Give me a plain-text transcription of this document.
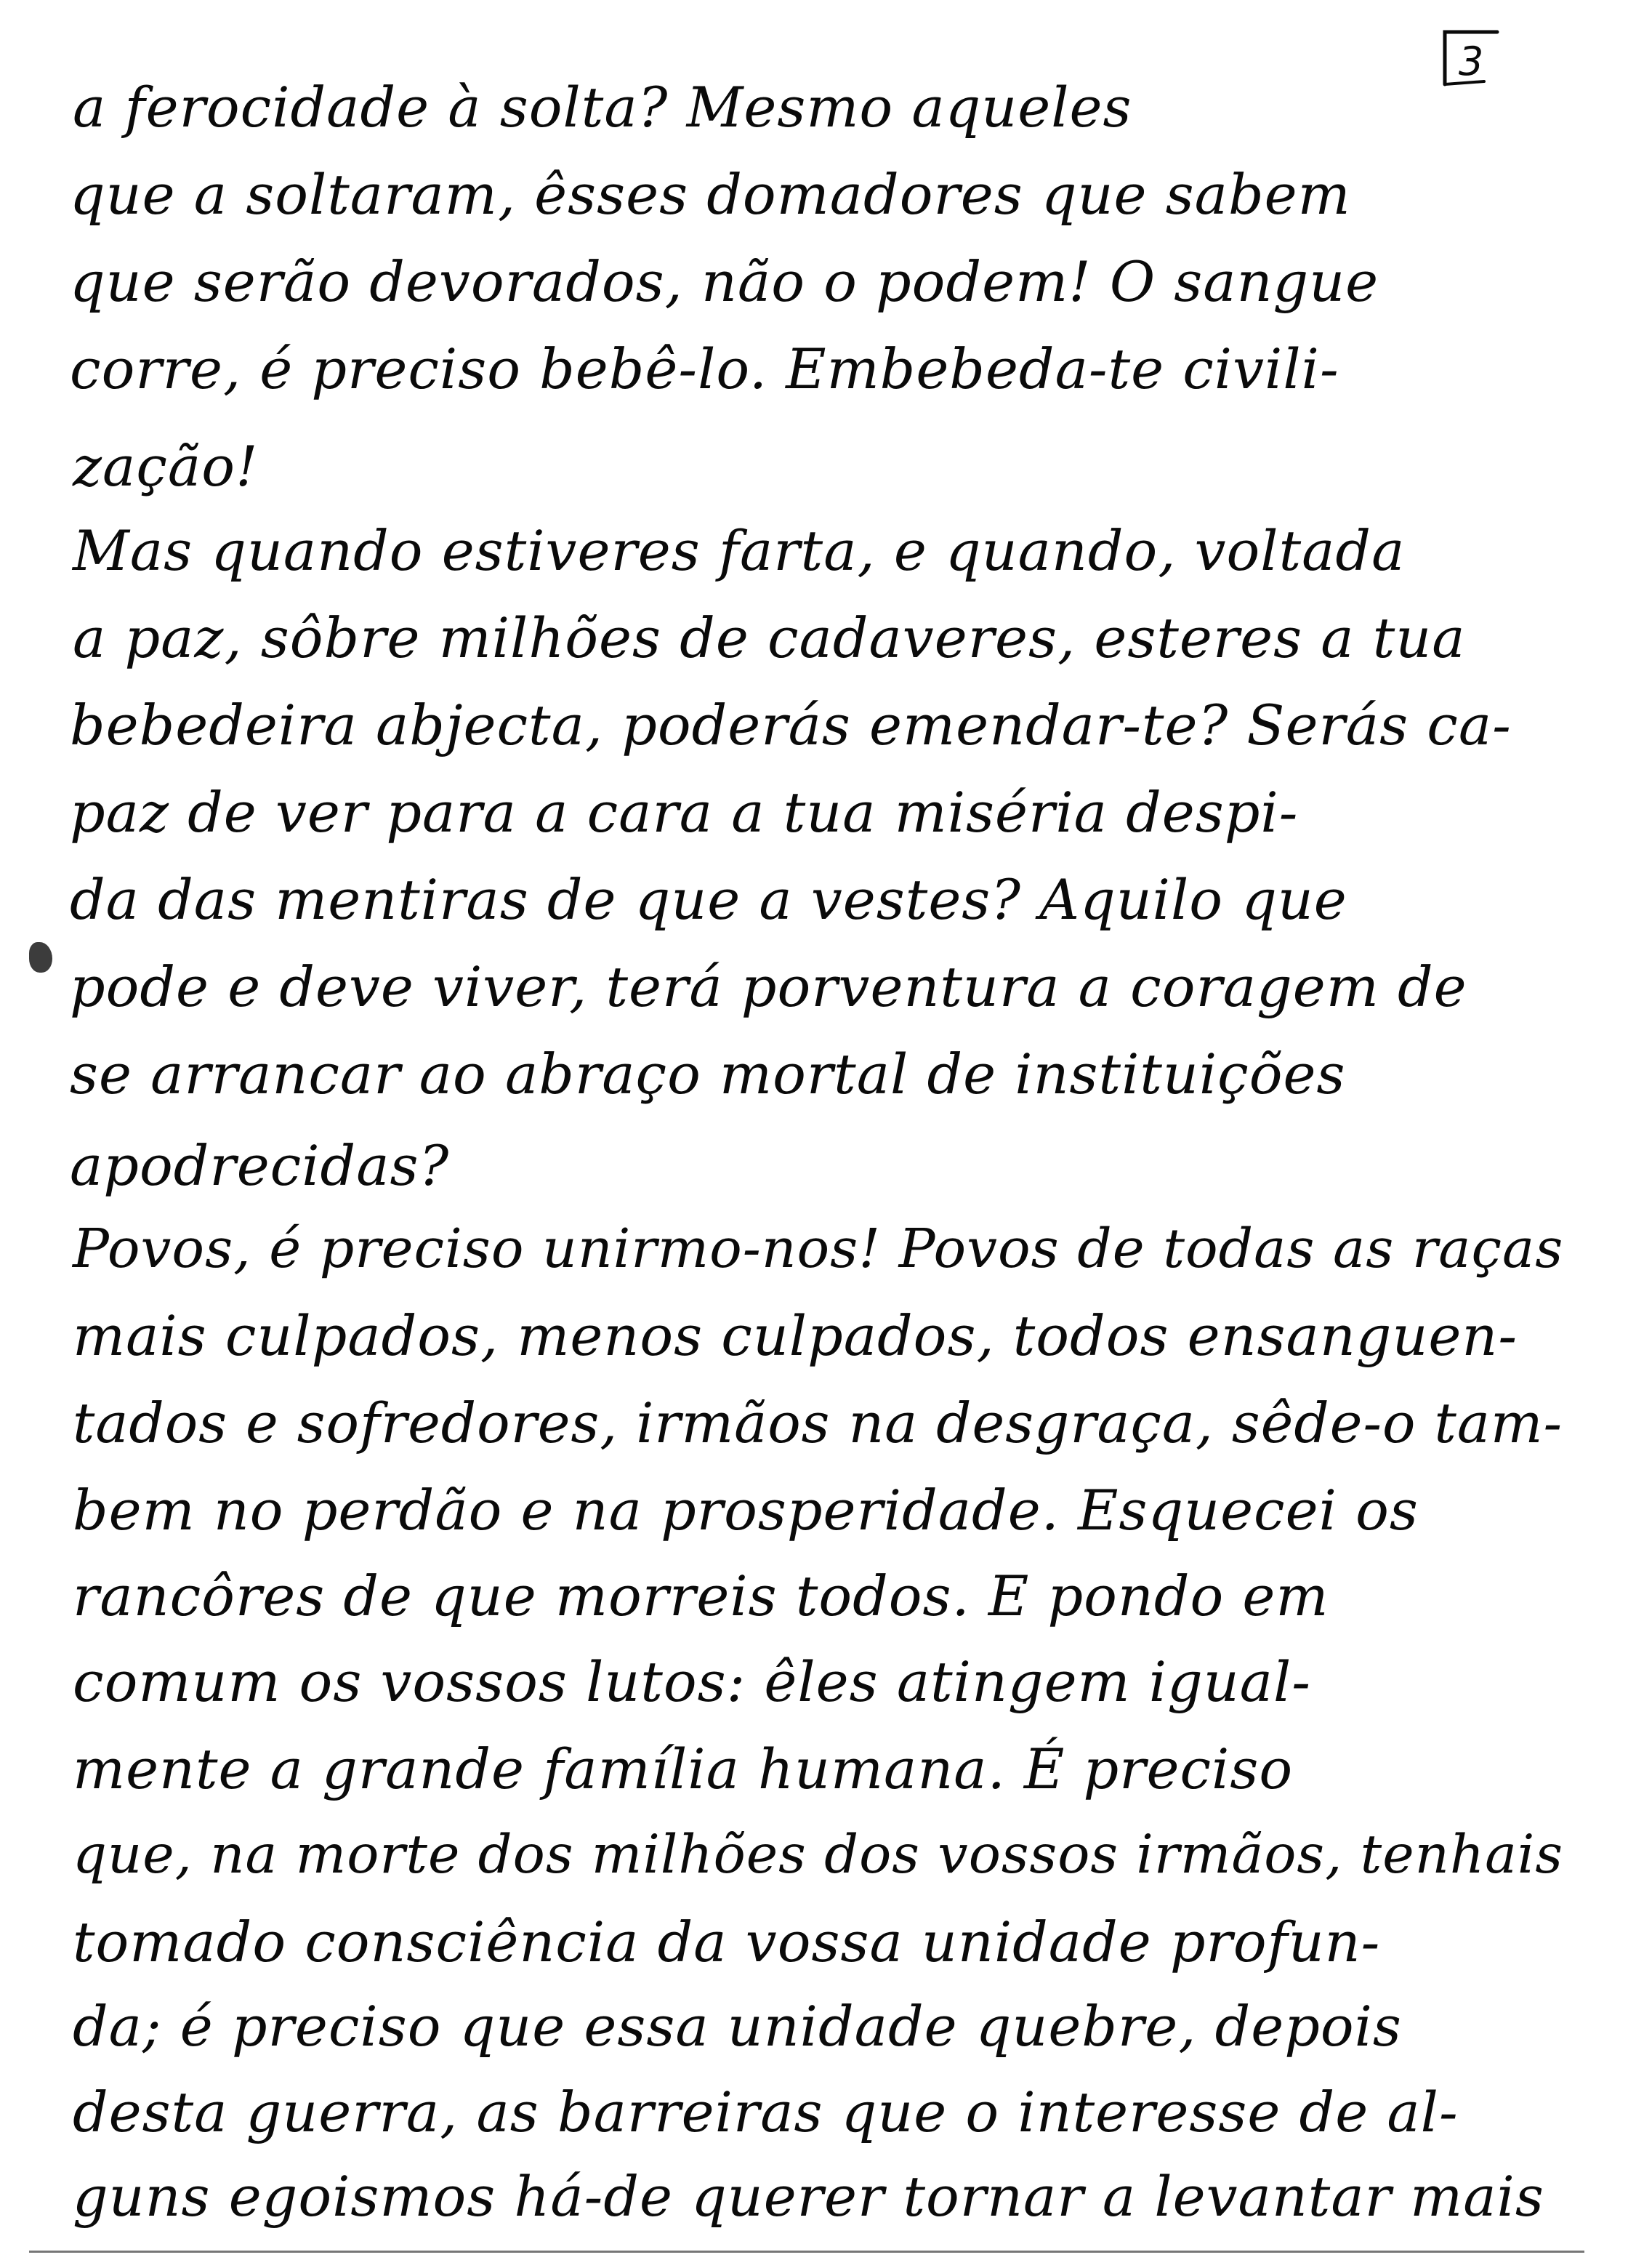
3
a ferocidade à solta? Mesmo aqueles
que a soltaram, êsses domadores que sabem
que serão devorados, não o podem! O sangue
corre, é preciso bebê-lo. Embebeda-te civili-
zação!
Mas quando estiveres farta, e quando, voltada
a paz, sôbre milhões de cadaveres, esteres a tua
bebedeira abjecta, poderás emendar-te? Serás ca-
paz de ver para a cara a tua miséria despi-
da das mentiras de que a vestes? Aquilo que
pode e deve viver, terá porventura a coragem de
se arrancar ao abraço mortal de instituições
apodrecidas?
Povos, é preciso unirmo-nos! Povos de todas as raças
mais culpados, menos culpados, todos ensanguen-
tados e sofredores, irmãos na desgraça, sêde-o tam-
bem no perdão e na prosperidade. Esquecei os
rancôres de que morreis todos. E pondo em
comum os vossos lutos: êles atingem igual-
mente a grande família humana. É preciso
que, na morte dos milhões dos vossos irmãos, tenhais
tomado consciência da vossa unidade profun-
da; é preciso que essa unidade quebre, depois
desta guerra, as barreiras que o interesse de al-
guns egoismos há-de querer tornar a levantar mais
